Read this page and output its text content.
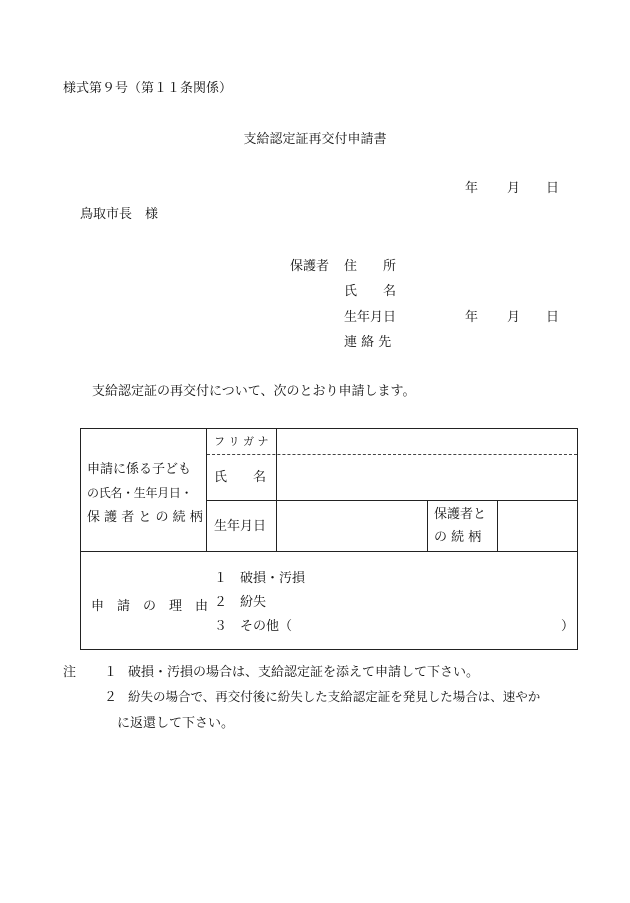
様式第９号（第１１条関係）
支給認定証再交付申請書
年 月 日
鳥取市長　様
保護者 住　　所
氏　　名
生年月日
連 絡 先
年 月 日
支給認定証の再交付について、次のとおり申請します。
申請に係る子ども
の氏名・生年月日・
保 護 者 と の 続 柄
フ リ ガ ナ
氏　　名
生年月日
保護者と
の 続 柄
申　請　の　理　由
１　破損・汚損
２　紛失
３　その他（	）
注 １ 破損・汚損の場合は、支給認定証を添えて申請して下さい。
２ 紛失の場合で、再交付後に紛失した支給認定証を発見した場合は、速やか
に返還して下さい。
